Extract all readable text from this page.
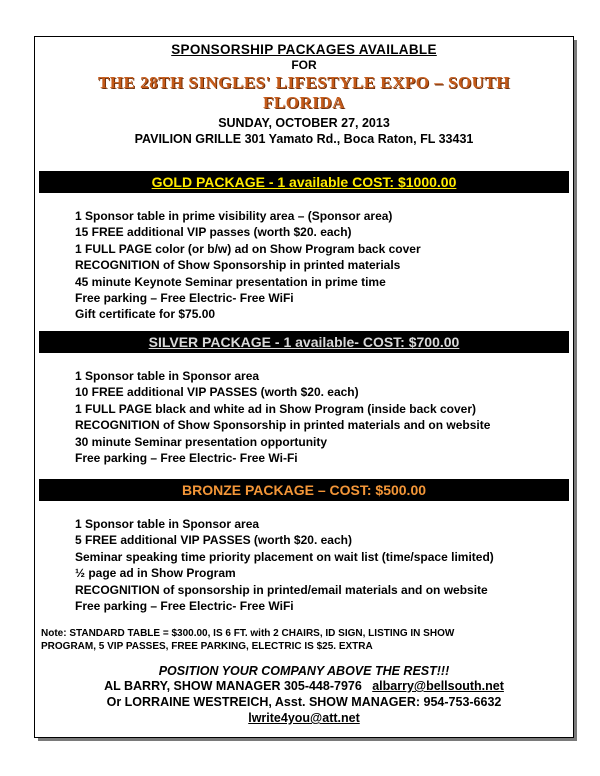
SPONSORSHIP PACKAGES AVAILABLE
FOR
THE 28TH SINGLES' LIFESTYLE EXPO – SOUTH
FLORIDA
SUNDAY, OCTOBER 27, 2013
PAVILION GRILLE 301 Yamato Rd., Boca Raton, FL 33431
GOLD PACKAGE - 1 available COST: $1000.00
1 Sponsor table in prime visibility area – (Sponsor area)
15 FREE additional VIP passes (worth $20. each)
1 FULL PAGE color (or b/w) ad on Show Program back cover
RECOGNITION of Show Sponsorship in printed materials
45 minute Keynote Seminar presentation in prime time
Free parking – Free Electric- Free WiFi
Gift certificate for $75.00
SILVER PACKAGE - 1 available- COST: $700.00
1 Sponsor table in Sponsor area
10 FREE additional VIP PASSES (worth $20. each)
1 FULL PAGE black and white ad in Show Program (inside back cover)
RECOGNITION of Show Sponsorship in printed materials and on website
30 minute Seminar presentation opportunity
Free parking – Free Electric- Free Wi-Fi
BRONZE PACKAGE – COST: $500.00
1 Sponsor table in Sponsor area
5 FREE additional VIP PASSES (worth $20. each)
Seminar speaking time priority placement on wait list (time/space limited)
½ page ad in Show Program
RECOGNITION of sponsorship in printed/email materials and on website
Free parking – Free Electric- Free WiFi
Note: STANDARD TABLE = $300.00, IS 6 FT. with 2 CHAIRS, ID SIGN, LISTING IN SHOW
PROGRAM, 5 VIP PASSES, FREE PARKING, ELECTRIC IS $25. EXTRA
POSITION YOUR COMPANY ABOVE THE REST!!!
AL BARRY, SHOW MANAGER 305-448-7976 albarry@bellsouth.net
Or LORRAINE WESTREICH, Asst. SHOW MANAGER: 954-753-6632
lwrite4you@att.net
